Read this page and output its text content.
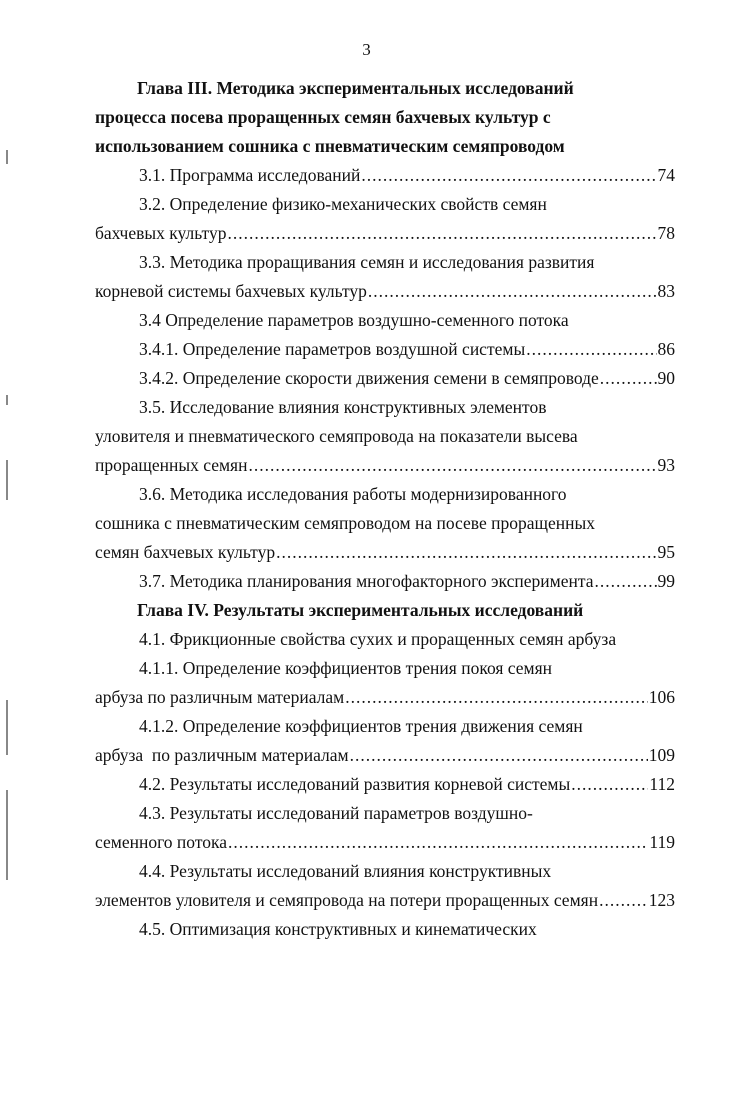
3
Глава III. Методика экспериментальных исследований
процесса посева проращенных семян бахчевых культур с
использованием сошника с пневматическим семяпроводом
3.1. Программа исследований .....	74
3.2. Определение физико-механических свойств семян
бахчевых культур .....	78
3.3. Методика проращивания семян и исследования развития
корневой системы бахчевых культур .....	83
3.4 Определение параметров воздушно-семенного потока
3.4.1. Определение параметров воздушной системы .....	86
3.4.2. Определение скорости движения семени в семяпроводе .....	90
3.5. Исследование влияния конструктивных элементов
уловителя и пневматического семяпровода на показатели высева
проращенных семян .....	93
3.6. Методика исследования работы модернизированного
сошника с пневматическим семяпроводом на посеве проращенных
семян бахчевых культур .....	95
3.7. Методика планирования многофакторного эксперимента .....	99
Глава IV. Результаты экспериментальных исследований
4.1. Фрикционные свойства сухих и проращенных семян арбуза
4.1.1. Определение коэффициентов трения покоя семян
арбуза по различным материалам .....	106
4.1.2. Определение коэффициентов трения движения семян
арбуза  по различным материалам .....	109
4.2. Результаты исследований развития корневой системы .....	112
4.3. Результаты исследований параметров воздушно-
семенного потока .....	119
4.4. Результаты исследований влияния конструктивных
элементов уловителя и семяпровода на потери проращенных семян .....	123
4.5. Оптимизация конструктивных и кинематических
